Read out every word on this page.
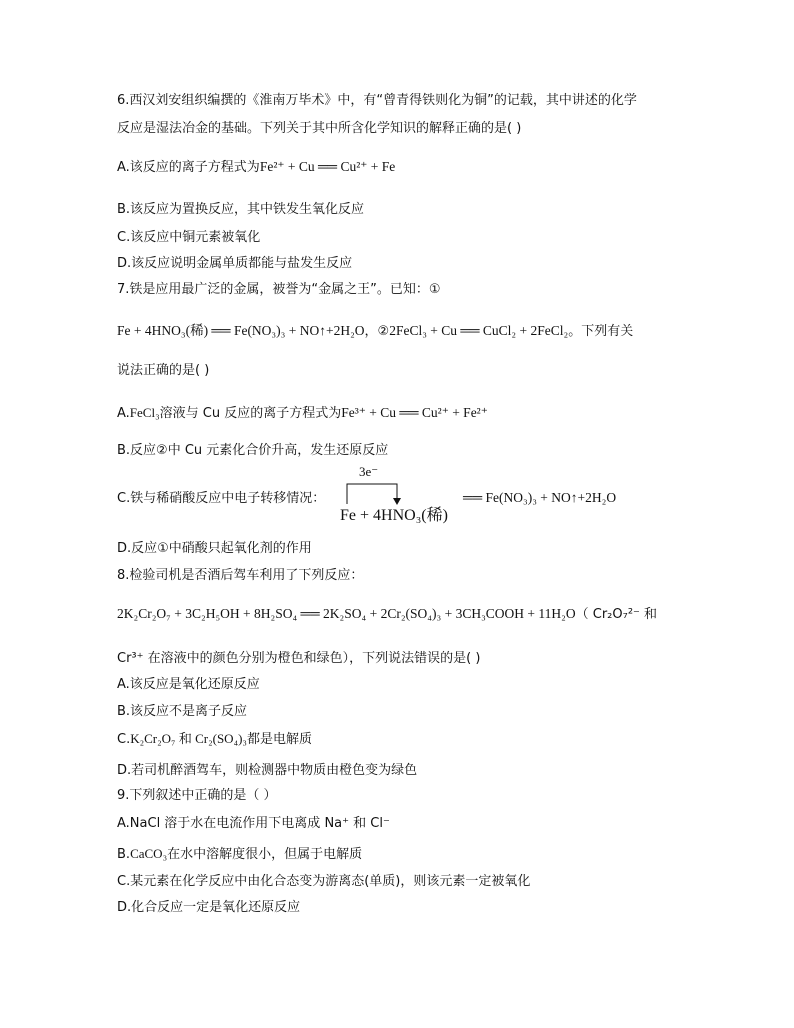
6.西汉刘安组织编撰的《淮南万毕术》中，有“曾青得铁则化为铜”的记载，其中讲述的化学
反应是湿法冶金的基础。下列关于其中所含化学知识的解释正确的是( )
A.该反应的离子方程式为Fe²⁺ + Cu ══ Cu²⁺ + Fe
B.该反应为置换反应，其中铁发生氧化反应
C.该反应中铜元素被氧化
D.该反应说明金属单质都能与盐发生反应
7.铁是应用最广泛的金属，被誉为“金属之王”。已知：①
Fe + 4HNO₃(稀) ══ Fe(NO₃)₃ + NO↑+2H₂O，②2FeCl₃ + Cu ══ CuCl₂ + 2FeCl₂。下列有关
说法正确的是( )
A.FeCl₃溶液与 Cu 反应的离子方程式为Fe³⁺ + Cu ══ Cu²⁺ + Fe²⁺
B.反应②中 Cu 元素化合价升高，发生还原反应
C.铁与稀硝酸反应中电子转移情况：
3e⁻
Fe + 4HNO₃(稀)
══ Fe(NO₃)₃ + NO↑+2H₂O
D.反应①中硝酸只起氧化剂的作用
8.检验司机是否酒后驾车利用了下列反应：
2K₂Cr₂O₇ + 3C₂H₅OH + 8H₂SO₄ ══ 2K₂SO₄ + 2Cr₂(SO₄)₃ + 3CH₃COOH + 11H₂O（ Cr₂O₇²⁻ 和
Cr³⁺ 在溶液中的颜色分别为橙色和绿色），下列说法错误的是( )
A.该反应是氧化还原反应
B.该反应不是离子反应
C.K₂Cr₂O₇ 和 Cr₂(SO₄)₃都是电解质
D.若司机醉酒驾车，则检测器中物质由橙色变为绿色
9.下列叙述中正确的是（ ）
A.NaCl 溶于水在电流作用下电离成 Na⁺ 和 Cl⁻
B.CaCO₃在水中溶解度很小，但属于电解质
C.某元素在化学反应中由化合态变为游离态(单质)，则该元素一定被氧化
D.化合反应一定是氧化还原反应
